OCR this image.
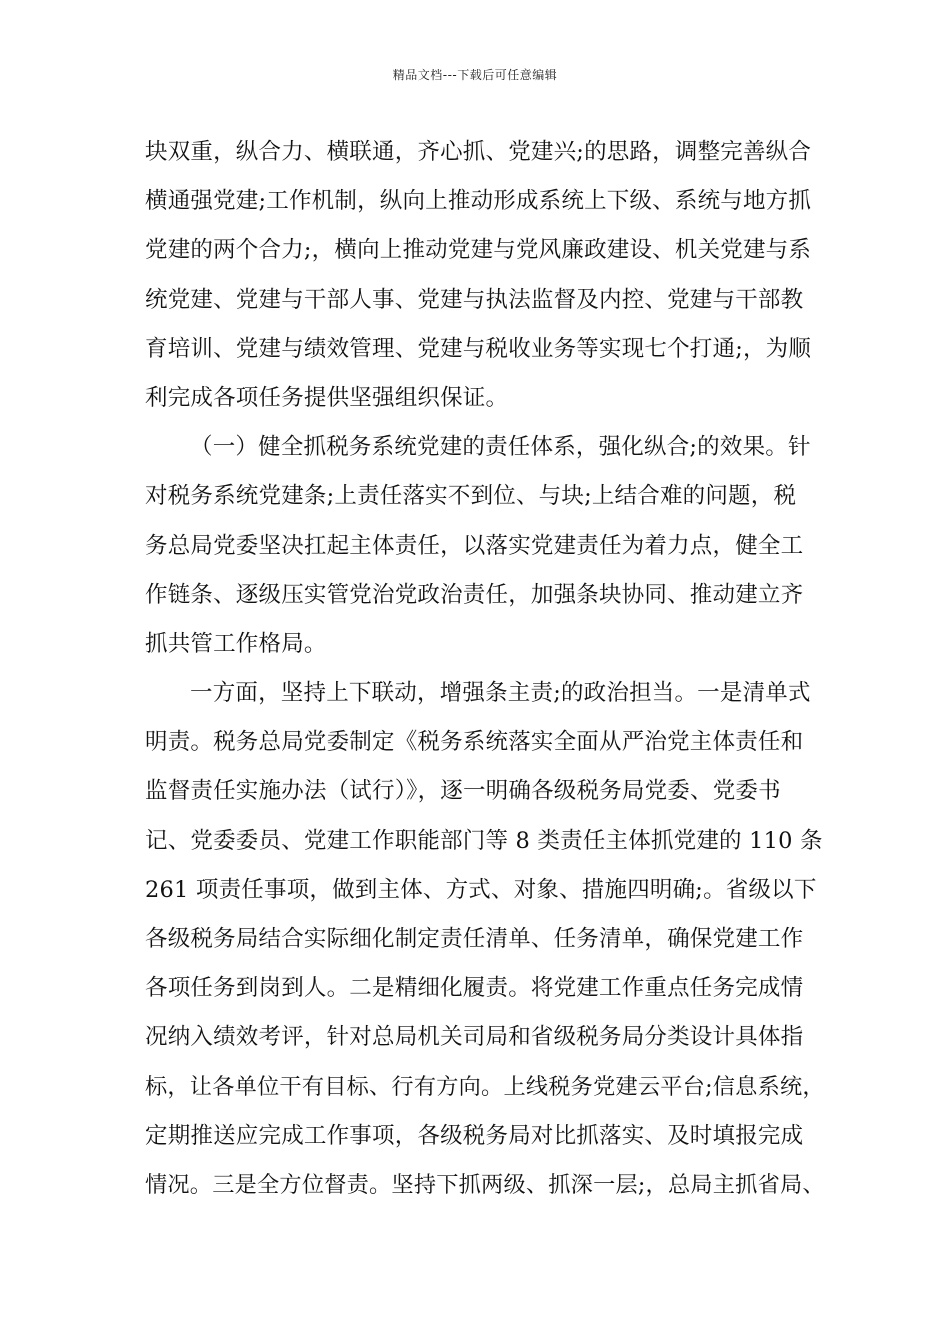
精品文档---下载后可任意编辑
块双重，纵合力、横联通，齐心抓、党建兴;的思路，调整完善纵合
横通强党建;工作机制，纵向上推动形成系统上下级、系统与地方抓
党建的两个合力;，横向上推动党建与党风廉政建设、机关党建与系
统党建、党建与干部人事、党建与执法监督及内控、党建与干部教
育培训、党建与绩效管理、党建与税收业务等实现七个打通;，为顺
利完成各项任务提供坚强组织保证。
（一）健全抓税务系统党建的责任体系，强化纵合;的效果。针
对税务系统党建条;上责任落实不到位、与块;上结合难的问题，税
务总局党委坚决扛起主体责任，以落实党建责任为着力点，健全工
作链条、逐级压实管党治党政治责任，加强条块协同、推动建立齐
抓共管工作格局。
一方面，坚持上下联动，增强条主责;的政治担当。一是清单式
明责。税务总局党委制定《税务系统落实全面从严治党主体责任和
监督责任实施办法（试行）》，逐一明确各级税务局党委、党委书
记、党委委员、党建工作职能部门等 8 类责任主体抓党建的 110 条
261 项责任事项，做到主体、方式、对象、措施四明确;。省级以下
各级税务局结合实际细化制定责任清单、任务清单，确保党建工作
各项任务到岗到人。二是精细化履责。将党建工作重点任务完成情
况纳入绩效考评，针对总局机关司局和省级税务局分类设计具体指
标，让各单位干有目标、行有方向。上线税务党建云平台;信息系统，
定期推送应完成工作事项，各级税务局对比抓落实、及时填报完成
情况。三是全方位督责。坚持下抓两级、抓深一层;，总局主抓省局、
